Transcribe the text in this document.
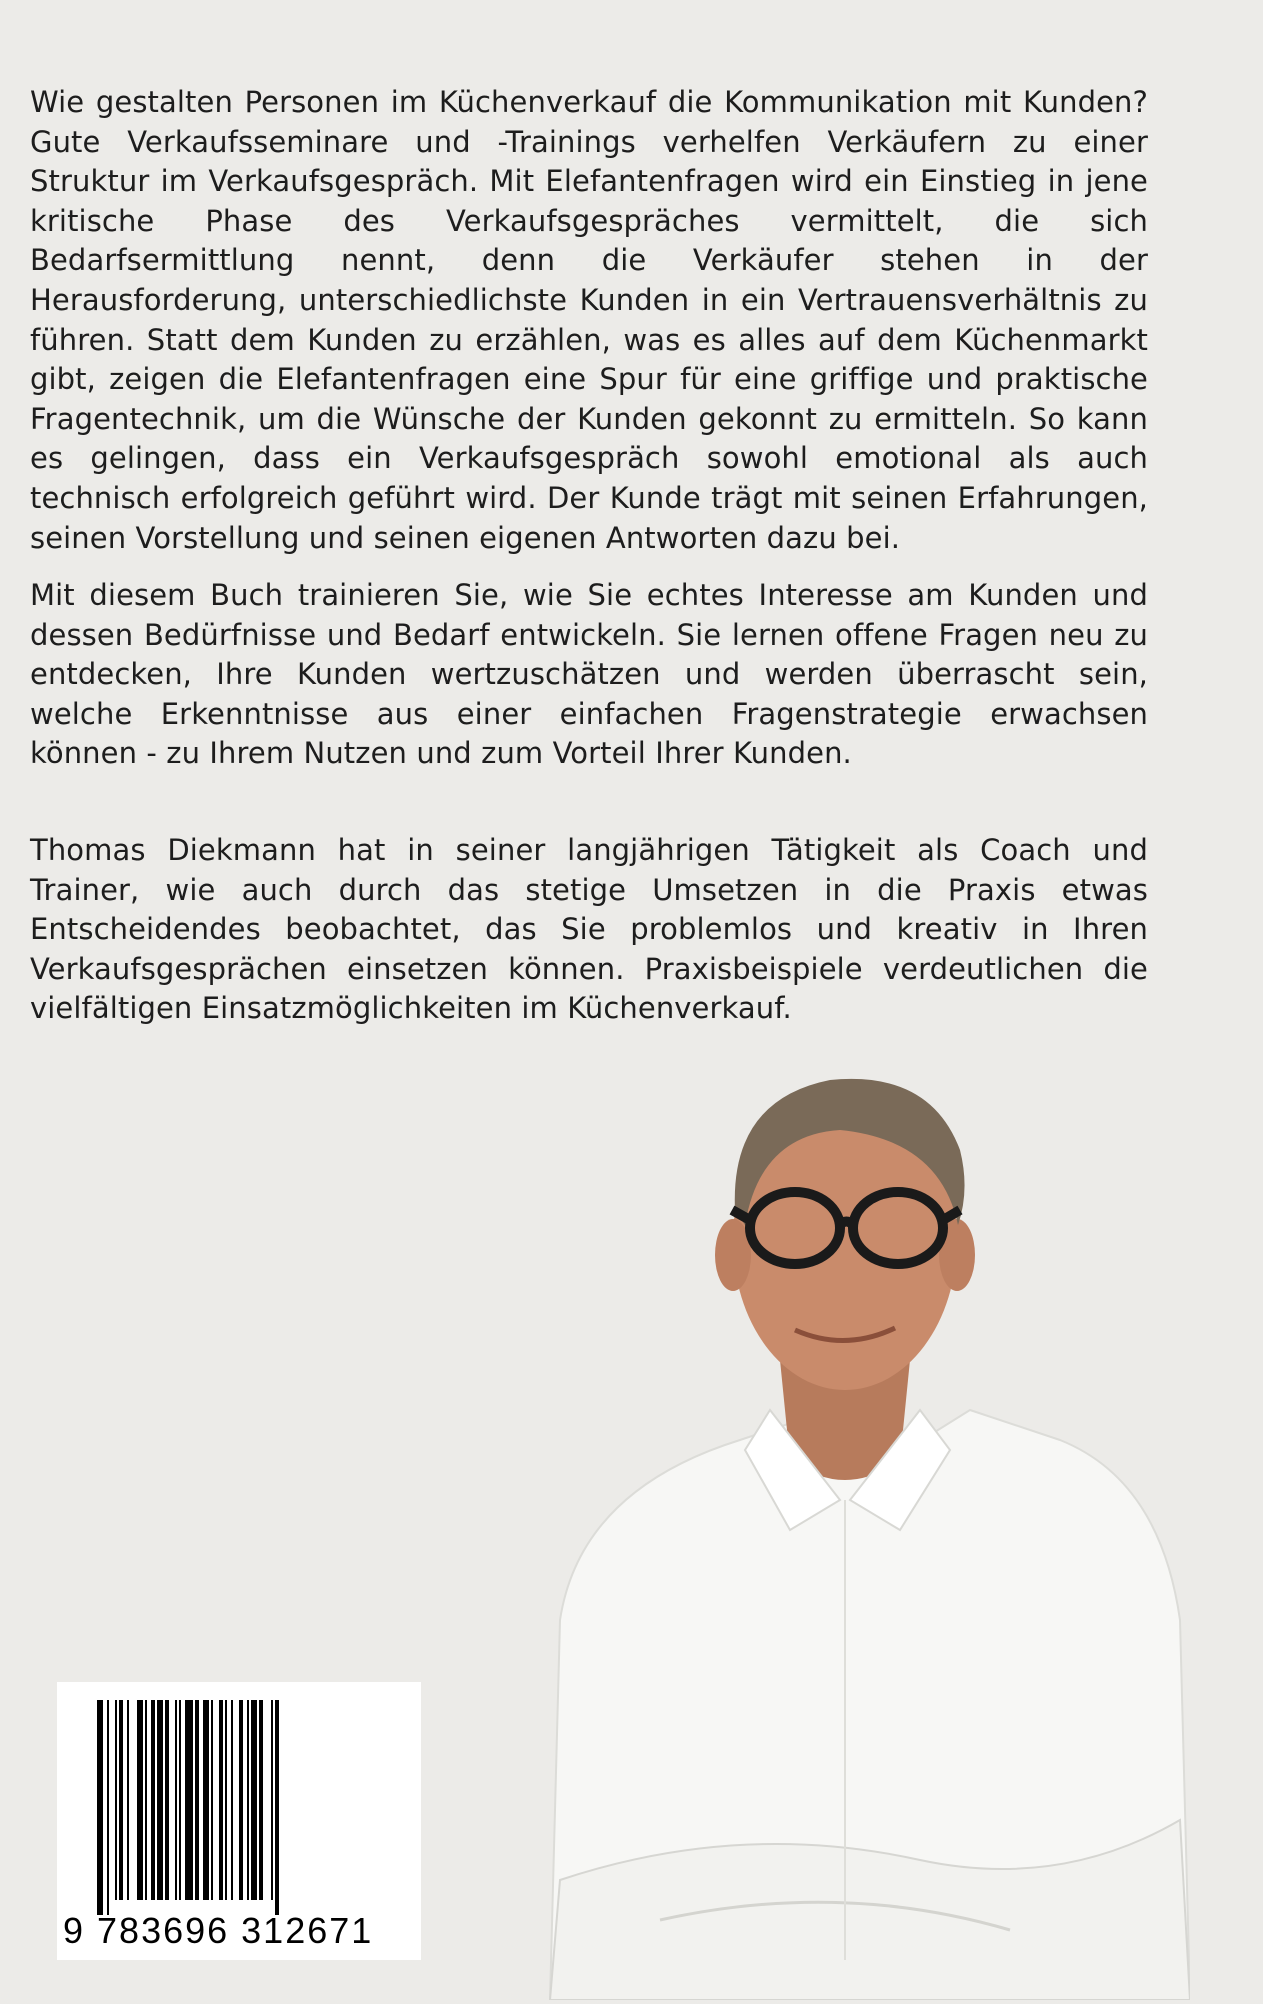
Wie gestalten Personen im Küchenverkauf die Kommunikation mit Kunden? Gute Verkaufsseminare und -Trainings verhelfen Verkäufern zu einer Struktur im Verkaufsgespräch. Mit Elefantenfragen wird ein Einstieg in jene kritische Phase des Verkaufsgespräches vermittelt, die sich Bedarfsermittlung nennt, denn die Verkäufer stehen in der Herausforderung, unterschiedlichste Kunden in ein Vertrauensverhältnis zu führen. Statt dem Kunden zu erzählen, was es alles auf dem Küchenmarkt gibt, zeigen die Elefantenfragen eine Spur für eine griffige und praktische Fragentechnik, um die Wünsche der Kunden gekonnt zu ermitteln. So kann es gelingen, dass ein Verkaufsgespräch sowohl emotional als auch technisch erfolgreich geführt wird. Der Kunde trägt mit seinen Erfahrungen, seinen Vorstellung und seinen eigenen Antworten dazu bei.

Mit diesem Buch trainieren Sie, wie Sie echtes Interesse am Kunden und dessen Bedürfnisse und Bedarf entwickeln. Sie lernen offene Fragen neu zu entdecken, Ihre Kunden wertzuschätzen und werden überrascht sein, welche Erkenntnisse aus einer einfachen Fragenstrategie erwachsen können - zu Ihrem Nutzen und zum Vorteil Ihrer Kunden.

Thomas Diekmann hat in seiner langjährigen Tätigkeit als Coach und Trainer, wie auch durch das stetige Umsetzen in die Praxis etwas Entscheidendes beobachtet, das Sie problemlos und kreativ in Ihren Verkaufsgesprächen einsetzen können. Praxisbeispiele verdeutlichen die vielfältigen Einsatzmöglichkeiten im Küchenverkauf.

9 783696 312671
